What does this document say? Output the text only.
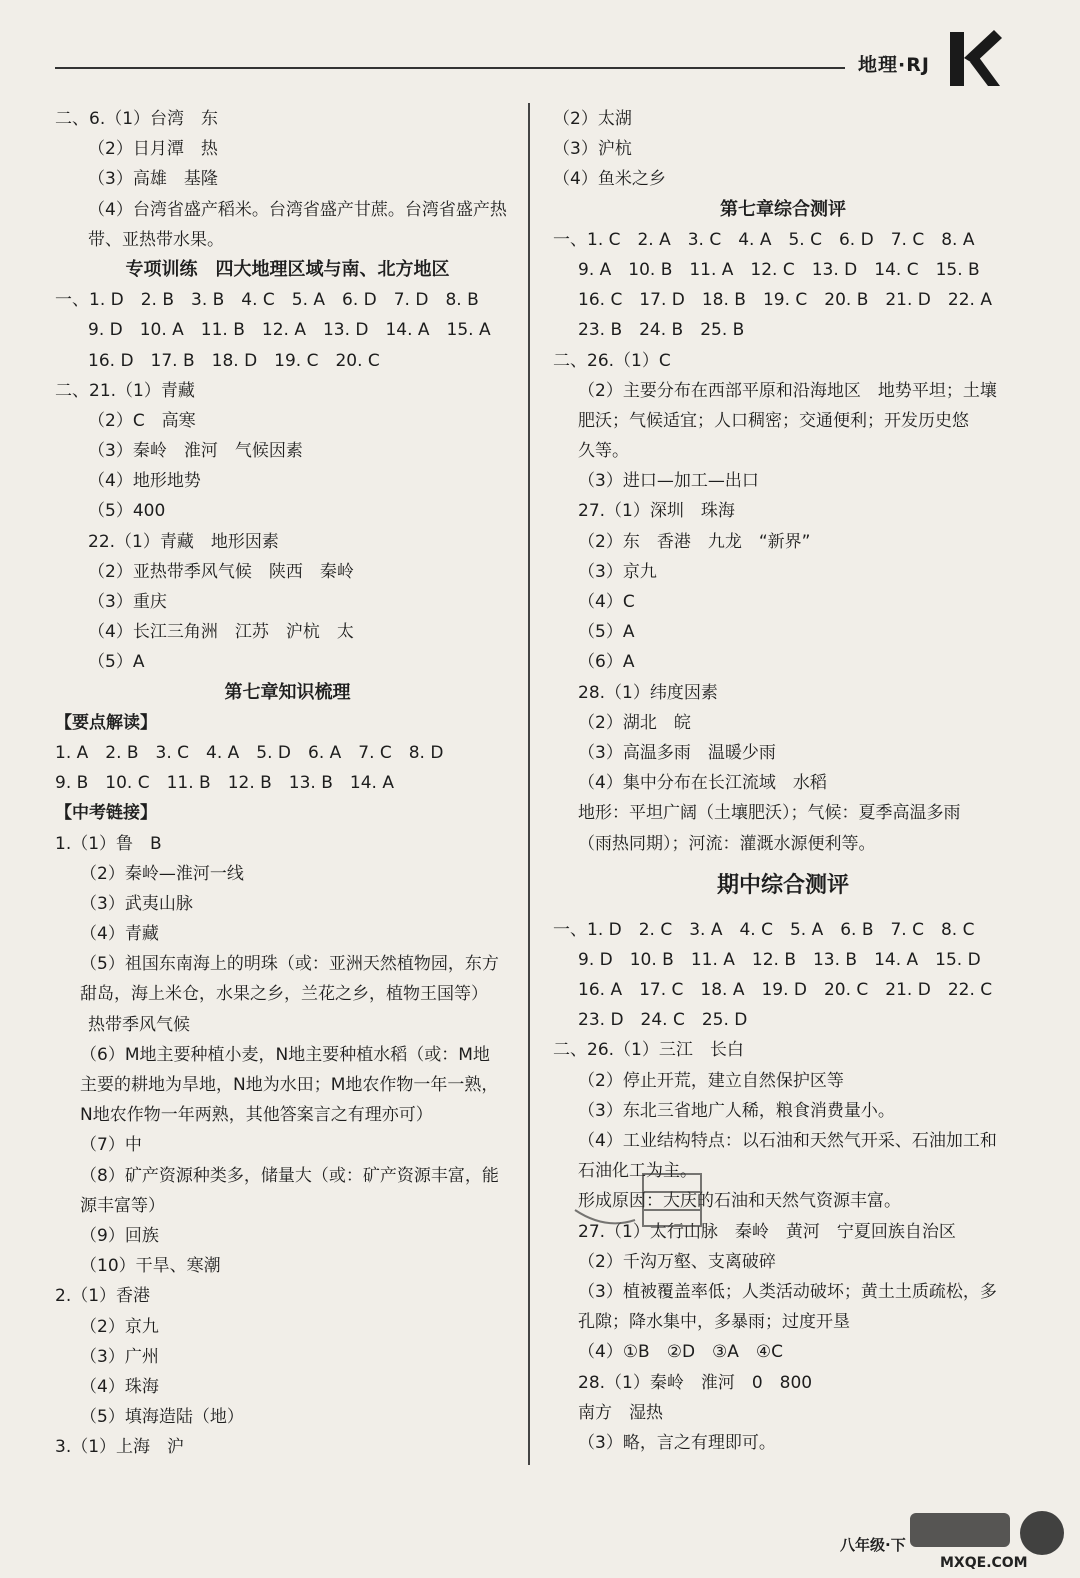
地理·RJ
二、6.（1）台湾　东
（2）日月潭　热
（3）高雄　基隆
（4）台湾省盛产稻米。台湾省盛产甘蔗。台湾省盛产热
带、亚热带水果。
专项训练　四大地理区域与南、北方地区
一、1. D　2. B　3. B　4. C　5. A　6. D　7. D　8. B
9. D　10. A　11. B　12. A　13. D　14. A　15. A
16. D　17. B　18. D　19. C　20. C
二、21.（1）青藏
（2）C　高寒
（3）秦岭　淮河　气候因素
（4）地形地势
（5）400
22.（1）青藏　地形因素
（2）亚热带季风气候　陕西　秦岭
（3）重庆
（4）长江三角洲　江苏　沪杭　太
（5）A
第七章知识梳理
【要点解读】
1. A　2. B　3. C　4. A　5. D　6. A　7. C　8. D
9. B　10. C　11. B　12. B　13. B　14. A
【中考链接】
1.（1）鲁　B
（2）秦岭—淮河一线
（3）武夷山脉
（4）青藏
（5）祖国东南海上的明珠（或：亚洲天然植物园，东方
甜岛，海上米仓，水果之乡，兰花之乡，植物王国等）
热带季风气候
（6）M地主要种植小麦，N地主要种植水稻（或：M地
主要的耕地为旱地，N地为水田；M地农作物一年一熟，
N地农作物一年两熟，其他答案言之有理亦可）
（7）中
（8）矿产资源种类多，储量大（或：矿产资源丰富，能
源丰富等）
（9）回族
（10）干旱、寒潮
2.（1）香港
（2）京九
（3）广州
（4）珠海
（5）填海造陆（地）
3.（1）上海　沪
（2）太湖
（3）沪杭
（4）鱼米之乡
第七章综合测评
一、1. C　2. A　3. C　4. A　5. C　6. D　7. C　8. A
9. A　10. B　11. A　12. C　13. D　14. C　15. B
16. C　17. D　18. B　19. C　20. B　21. D　22. A
23. B　24. B　25. B
二、26.（1）C
（2）主要分布在西部平原和沿海地区　地势平坦；土壤
肥沃；气候适宜；人口稠密；交通便利；开发历史悠
久等。
（3）进口—加工—出口
27.（1）深圳　珠海
（2）东　香港　九龙　“新界”
（3）京九
（4）C
（5）A
（6）A
28.（1）纬度因素
（2）湖北　皖
（3）高温多雨　温暖少雨
（4）集中分布在长江流域　水稻
地形：平坦广阔（土壤肥沃）；气候：夏季高温多雨
（雨热同期）；河流：灌溉水源便利等。
期中综合测评
一、1. D　2. C　3. A　4. C　5. A　6. B　7. C　8. C
9. D　10. B　11. A　12. B　13. B　14. A　15. D
16. A　17. C　18. A　19. D　20. C　21. D　22. C
23. D　24. C　25. D
二、26.（1）三江　长白
（2）停止开荒，建立自然保护区等
（3）东北三省地广人稀，粮食消费量小。
（4）工业结构特点：以石油和天然气开采、石油加工和
石油化工为主。
形成原因：大庆的石油和天然气资源丰富。
27.（1）太行山脉　秦岭　黄河　宁夏回族自治区
（2）千沟万壑、支离破碎
（3）植被覆盖率低；人类活动破坏；黄土土质疏松，多
孔隙；降水集中，多暴雨；过度开垦
（4）①B　②D　③A　④C
28.（1）秦岭　淮河　0　800
南方　湿热
（3）略，言之有理即可。
八年级·下
MXQE.COM
